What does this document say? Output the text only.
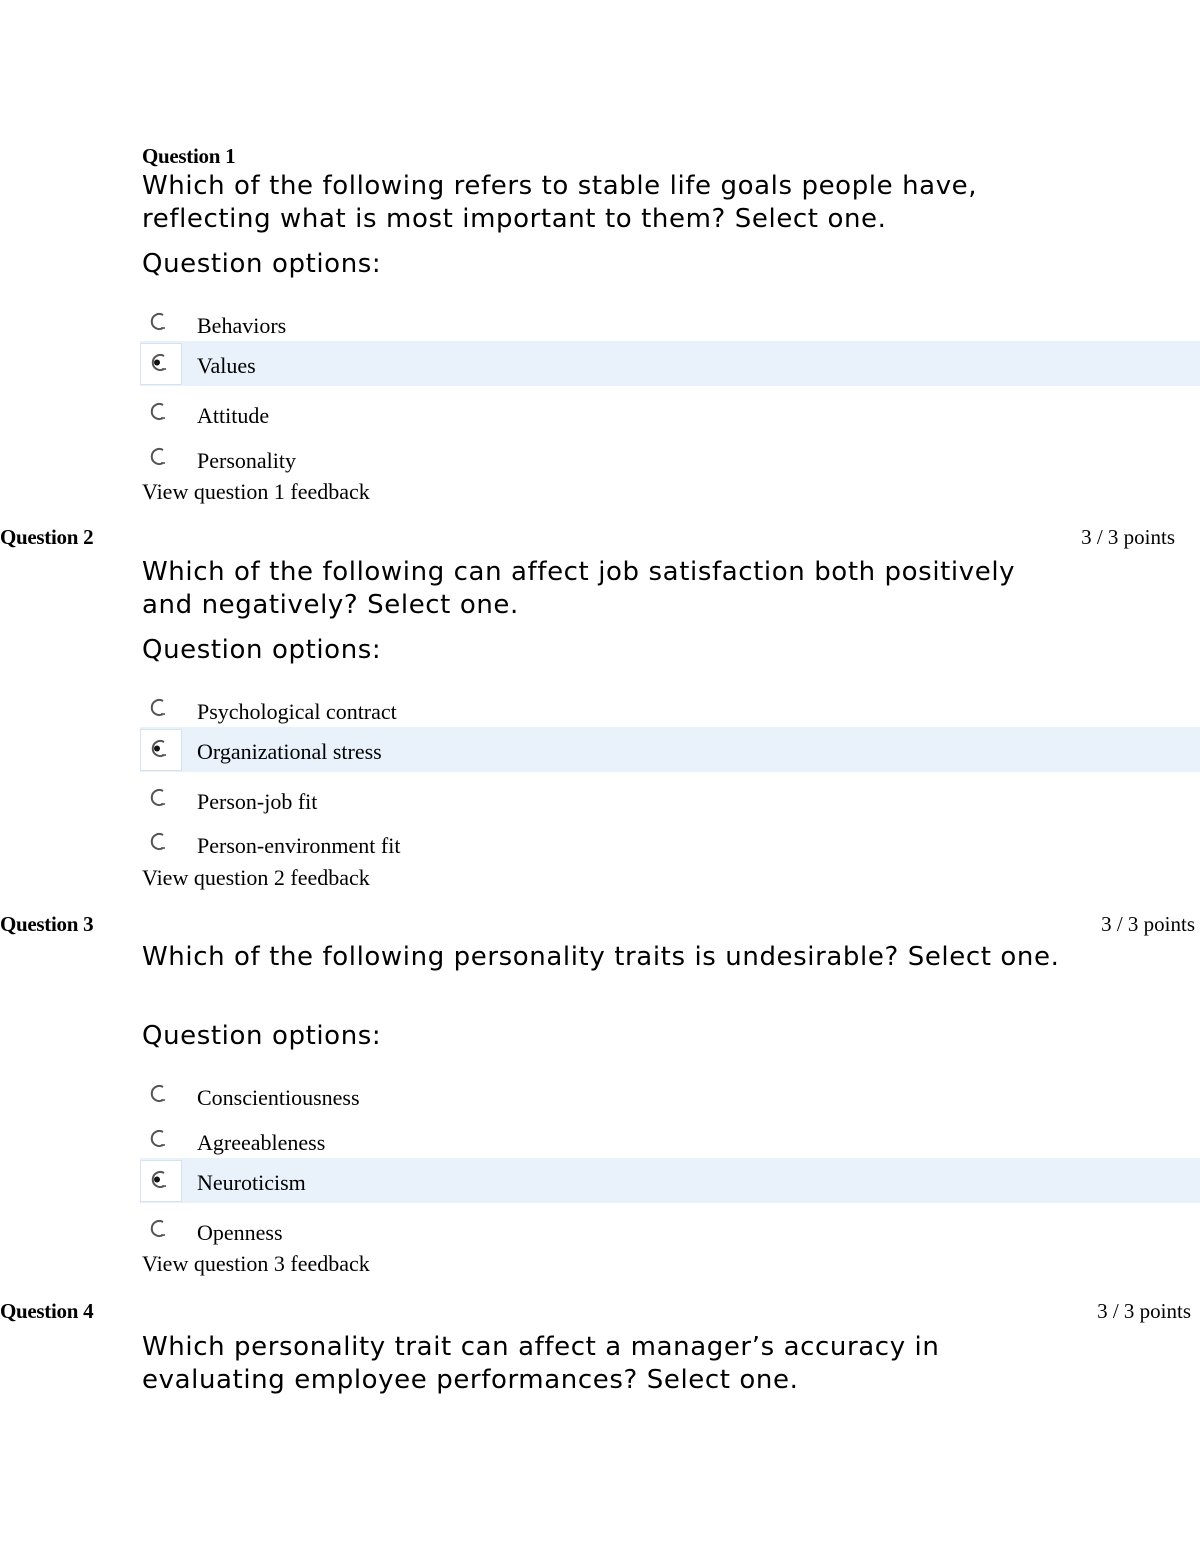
Question 1
Which of the following refers to stable life goals people have, reflecting what is most important to them? Select one.
Question options:
Behaviors
Values
Attitude
Personality
View question 1 feedback
Question 2	3 / 3 points
Which of the following can affect job satisfaction both positively and negatively? Select one.
Question options:
Psychological contract
Organizational stress
Person-job fit
Person-environment fit
View question 2 feedback
Question 3	3 / 3 points
Which of the following personality traits is undesirable? Select one.
Question options:
Conscientiousness
Agreeableness
Neuroticism
Openness
View question 3 feedback
Question 4	3 / 3 points
Which personality trait can affect a manager’s accuracy in evaluating employee performances? Select one.
